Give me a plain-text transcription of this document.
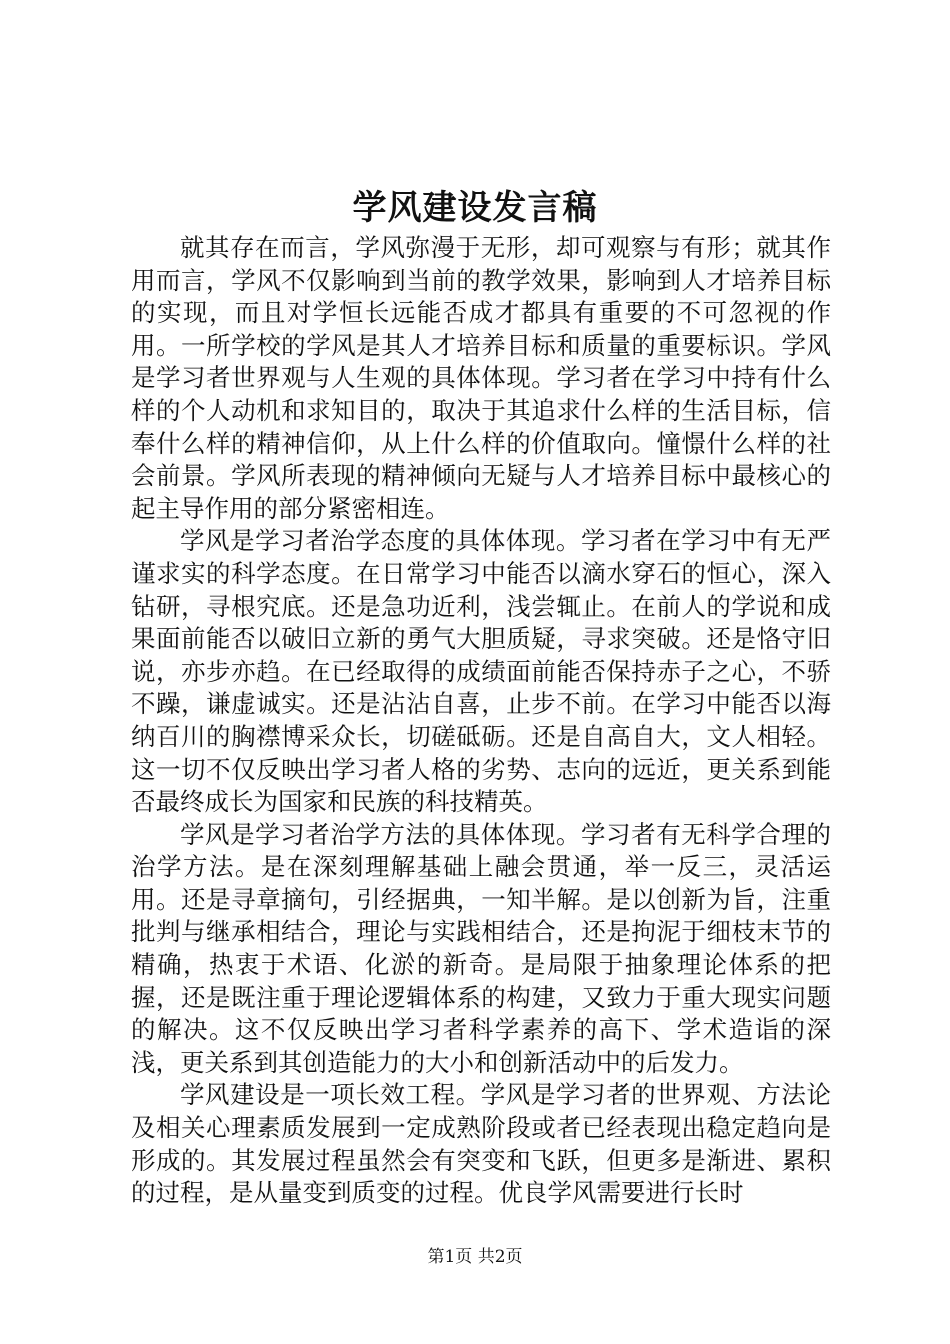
学风建设发言稿

就其存在而言，学风弥漫于无形，却可观察与有形；就其作用而言，学风不仅影响到当前的教学效果，影响到人才培养目标的实现，而且对学恒长远能否成才都具有重要的不可忽视的作用。一所学校的学风是其人才培养目标和质量的重要标识。学风是学习者世界观与人生观的具体体现。学习者在学习中持有什么样的个人动机和求知目的，取决于其追求什么样的生活目标，信奉什么样的精神信仰，从上什么样的价值取向。憧憬什么样的社会前景。学风所表现的精神倾向无疑与人才培养目标中最核心的起主导作用的部分紧密相连。

学风是学习者治学态度的具体体现。学习者在学习中有无严谨求实的科学态度。在日常学习中能否以滴水穿石的恒心，深入钻研，寻根究底。还是急功近利，浅尝辄止。在前人的学说和成果面前能否以破旧立新的勇气大胆质疑，寻求突破。还是恪守旧说，亦步亦趋。在已经取得的成绩面前能否保持赤子之心，不骄不躁，谦虚诚实。还是沾沾自喜，止步不前。在学习中能否以海纳百川的胸襟博采众长，切磋砥砺。还是自高自大，文人相轻。这一切不仅反映出学习者人格的劣势、志向的远近，更关系到能否最终成长为国家和民族的科技精英。

学风是学习者治学方法的具体体现。学习者有无科学合理的治学方法。是在深刻理解基础上融会贯通，举一反三，灵活运用。还是寻章摘句，引经据典，一知半解。是以创新为旨，注重批判与继承相结合，理论与实践相结合，还是拘泥于细枝末节的精确，热衷于术语、化淤的新奇。是局限于抽象理论体系的把握，还是既注重于理论逻辑体系的构建，又致力于重大现实问题的解决。这不仅反映出学习者科学素养的高下、学术造诣的深浅，更关系到其创造能力的大小和创新活动中的后发力。

学风建设是一项长效工程。学风是学习者的世界观、方法论及相关心理素质发展到一定成熟阶段或者已经表现出稳定趋向是形成的。其发展过程虽然会有突变和飞跃，但更多是渐进、累积的过程，是从量变到质变的过程。优良学风需要进行长时

第1页 共2页
